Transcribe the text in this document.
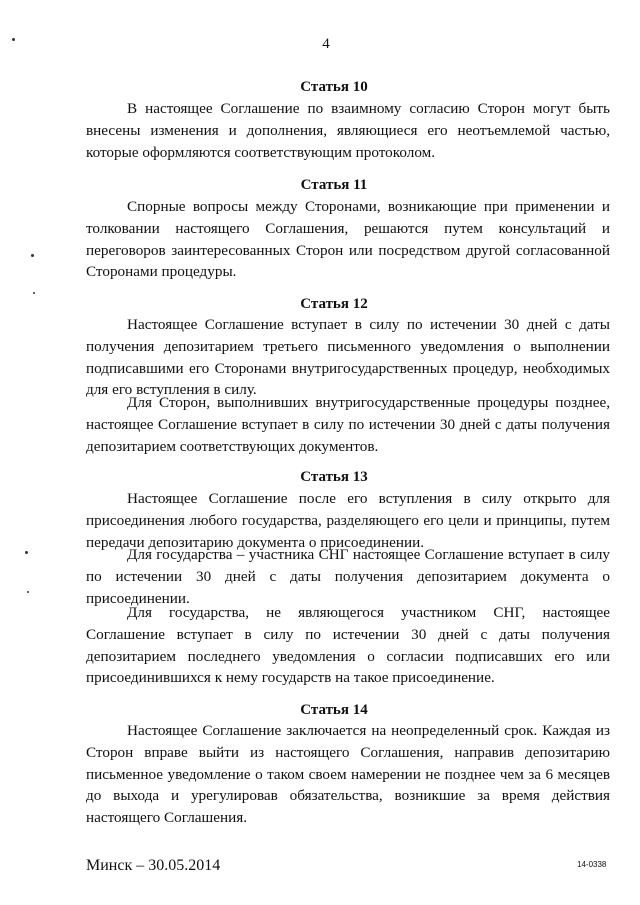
4

Статья 10

В настоящее Соглашение по взаимному согласию Сторон могут быть внесены изменения и дополнения, являющиеся его неотъемлемой частью, которые оформляются соответствующим протоколом.

Статья 11

Спорные вопросы между Сторонами, возникающие при применении и толковании настоящего Соглашения, решаются путем консультаций и переговоров заинтересованных Сторон или посредством другой согласованной Сторонами процедуры.

Статья 12

Настоящее Соглашение вступает в силу по истечении 30 дней с даты получения депозитарием третьего письменного уведомления о выполнении подписавшими его Сторонами внутригосударственных процедур, необходимых для его вступления в силу.

Для Сторон, выполнивших внутригосударственные процедуры позднее, настоящее Соглашение вступает в силу по истечении 30 дней с даты получения депозитарием соответствующих документов.

Статья 13

Настоящее Соглашение после его вступления в силу открыто для присоединения любого государства, разделяющего его цели и принципы, путем передачи депозитарию документа о присоединении.

Для государства – участника СНГ настоящее Соглашение вступает в силу по истечении 30 дней с даты получения депозитарием документа о присоединении.

Для государства, не являющегося участником СНГ, настоящее Соглашение вступает в силу по истечении 30 дней с даты получения депозитарием последнего уведомления о согласии подписавших его или присоединившихся к нему государств на такое присоединение.

Статья 14

Настоящее Соглашение заключается на неопределенный срок. Каждая из Сторон вправе выйти из настоящего Соглашения, направив депозитарию письменное уведомление о таком своем намерении не позднее чем за 6 месяцев до выхода и урегулировав обязательства, возникшие за время действия настоящего Соглашения.

Минск – 30.05.2014	14-0338
